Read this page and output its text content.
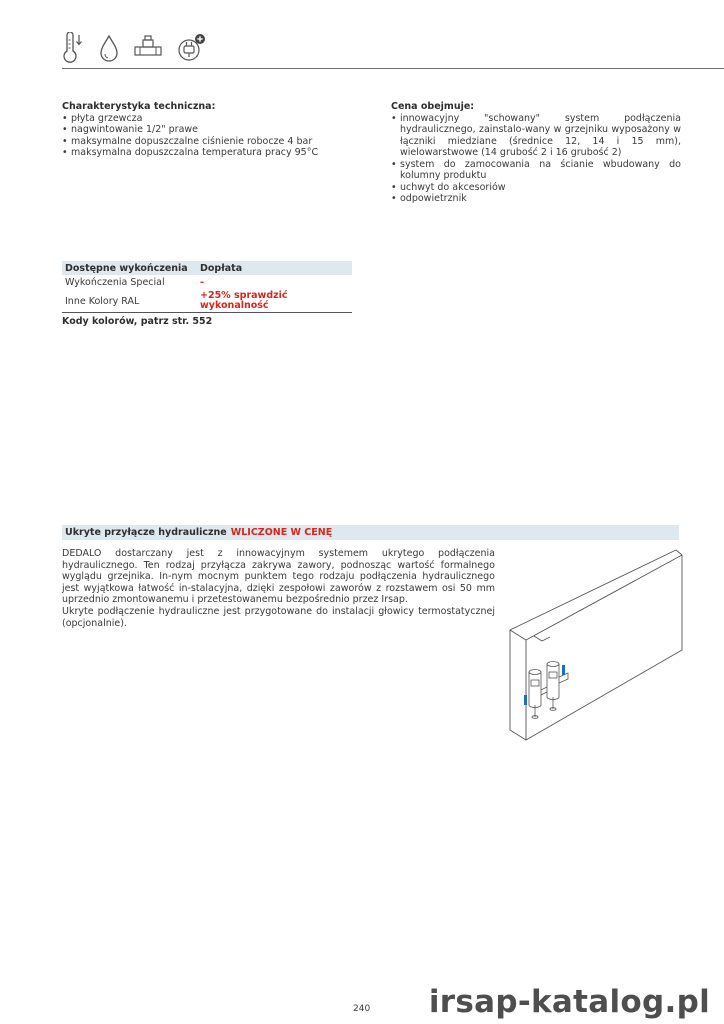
Charakterystyka techniczna:
• płyta grzewcza
• nagwintowanie 1/2" prawe
• maksymalne dopuszczalne ciśnienie robocze 4 bar
• maksymalna dopuszczalna temperatura pracy 95°C
Cena obejmuje:
• innowacyjny "schowany" system podłączenia hydraulicznego, zainstalo-wany w grzejniku wyposażony w łączniki miedziane (średnice 12, 14 i 15 mm), wielowarstwowe (14 grubość 2 i 16 grubość 2)
• system do zamocowania na ścianie wbudowany do kolumny produktu
• uchwyt do akcesoriów
• odpowietrznik
Dostępne wykończenia	Dopłata
Wykończenia Special	-
Inne Kolory RAL
+25% sprawdzić wykonalność
Kody kolorów, patrz str. 552
Ukryte przyłącze hydrauliczne WLICZONE W CENĘ

DEDALO dostarczany jest z innowacyjnym systemem ukrytego podłączenia hydraulicznego. Ten rodzaj przyłącza zakrywa zawory, podnosząc wartość formalnego wyglądu grzejnika. In-nym mocnym punktem tego rodzaju podłączenia hydraulicznego jest wyjątkowa łatwość in-stalacyjna, dzięki zespołowi zaworów z rozstawem osi 50 mm uprzednio zmontowanemu i przetestowanemu bezpośrednio przez Irsap.

Ukryte podłączenie hydrauliczne jest przygotowane do instalacji głowicy termostatycznej (opcjonalnie).

240 irsap-katalog.pl
